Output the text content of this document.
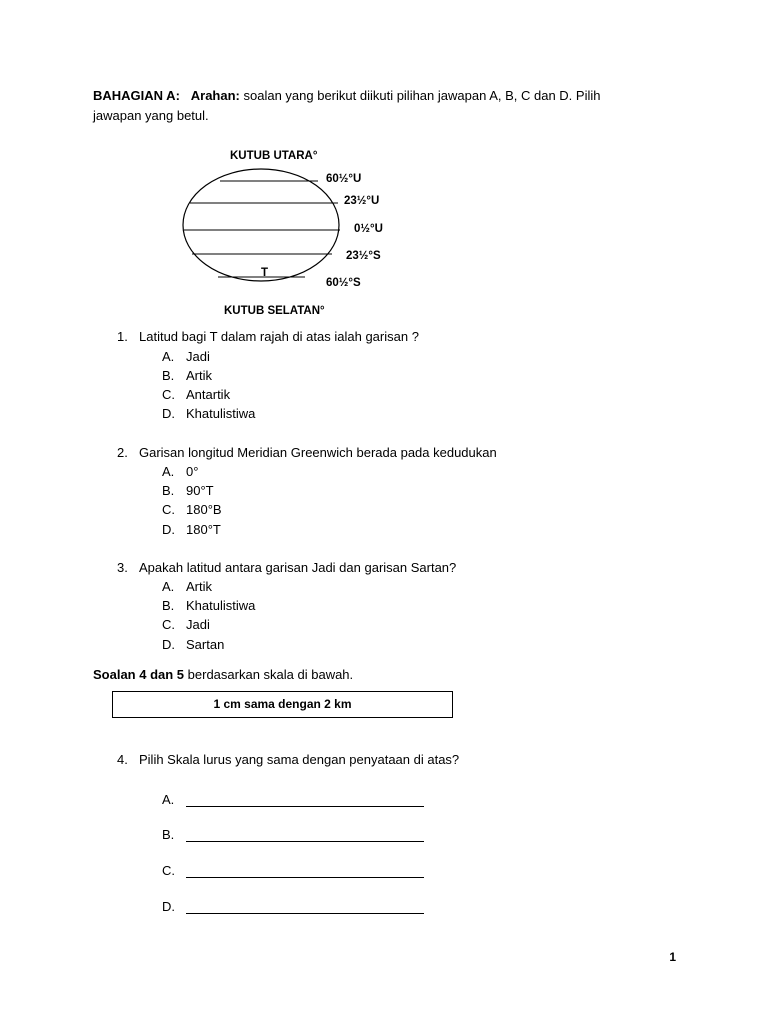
BAHAGIAN A: Arahan: soalan yang berikut diikuti pilihan jawapan A, B, C dan D. Pilih
jawapan yang betul.
KUTUB UTARA°
60½°U
23½°U
0½°U
23½°S
60½°S
T
KUTUB SELATAN°
1. Latitud bagi T dalam rajah di atas ialah garisan ?
A. Jadi
B. Artik
C. Antartik
D. Khatulistiwa
2. Garisan longitud Meridian Greenwich berada pada kedudukan
A. 0°
B. 90°T
C. 180°B
D. 180°T
3. Apakah latitud antara garisan Jadi dan garisan Sartan?
A. Artik
B. Khatulistiwa
C. Jadi
D. Sartan
Soalan 4 dan 5 berdasarkan skala di bawah.
1 cm sama dengan 2 km
4. Pilih Skala lurus yang sama dengan penyataan di atas?
A.
B.
C.
D.
1
